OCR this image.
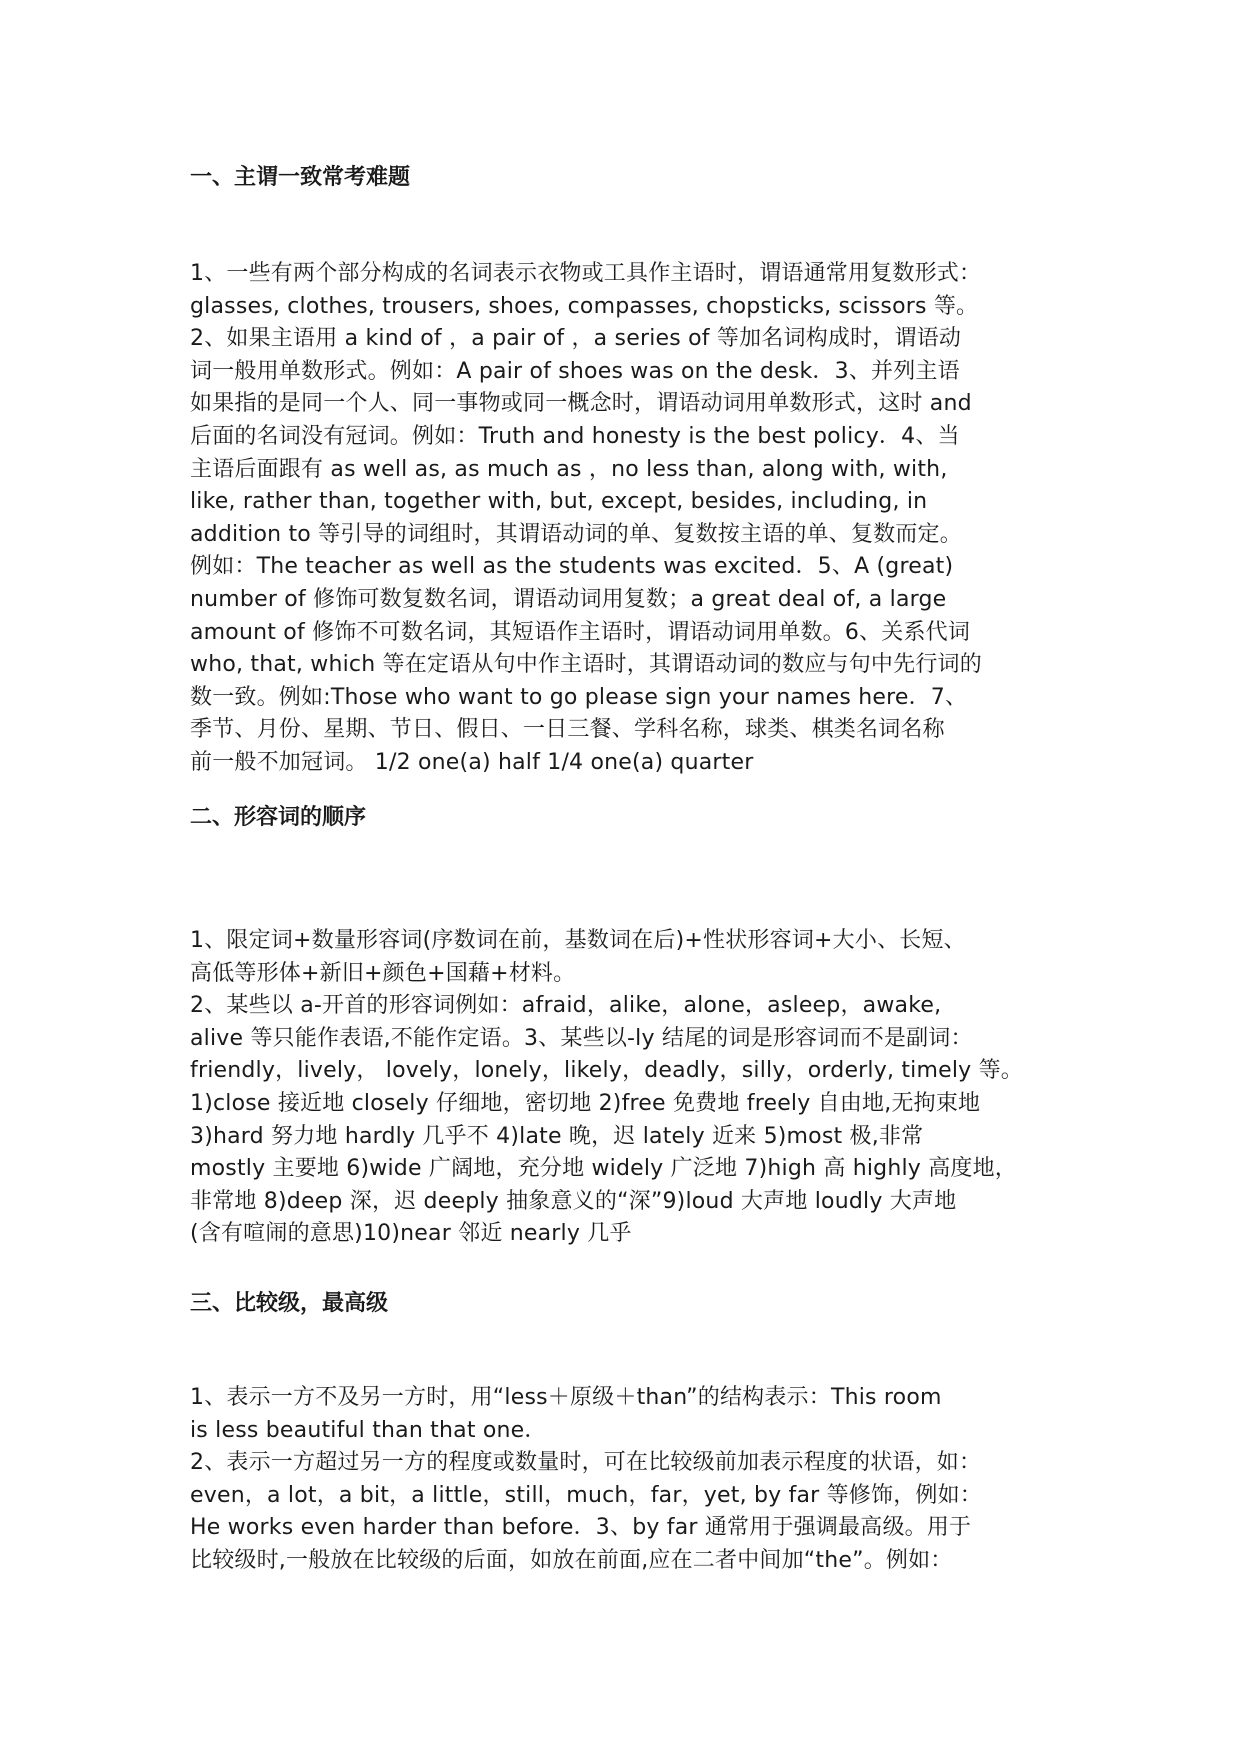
一、主谓一致常考难题

1、一些有两个部分构成的名词表示衣物或工具作主语时，谓语通常用复数形式：

glasses, clothes, trousers, shoes, compasses, chopsticks, scissors 等。

2、如果主语用 a kind of ，a pair of ，a series of 等加名词构成时，谓语动

词一般用单数形式。例如：A pair of shoes was on the desk．3、并列主语

如果指的是同一个人、同一事物或同一概念时，谓语动词用单数形式，这时 and

后面的名词没有冠词。例如：Truth and honesty is the best policy．4、当

主语后面跟有 as well as, as much as ，no less than, along with, with,

like, rather than, together with, but, except, besides, including, in

addition to 等引导的词组时，其谓语动词的单、复数按主语的单、复数而定。

例如：The teacher as well as the students was excited．5、A (great)

number of 修饰可数复数名词，谓语动词用复数；a great deal of, a large

amount of 修饰不可数名词，其短语作主语时，谓语动词用单数。6、关系代词

who, that, which 等在定语从句中作主语时，其谓语动词的数应与句中先行词的

数一致。例如:Those who want to go please sign your names here．7、

季节、月份、星期、节日、假日、一日三餐、学科名称，球类、棋类名词名称

前一般不加冠词。 1/2 one(a) half 1/4 one(a) quarter

二、形容词的顺序

1、限定词+数量形容词(序数词在前，基数词在后)+性状形容词+大小、长短、

高低等形体+新旧+颜色+国藉+材料。

2、某些以 a-开首的形容词例如：afraid，alike，alone，asleep，awake,

alive 等只能作表语,不能作定语。3、某些以-ly 结尾的词是形容词而不是副词：

friendly，lively， lovely，lonely，likely，deadly，silly，orderly, timely 等。

1)close 接近地 closely 仔细地，密切地 2)free 免费地 freely 自由地,无拘束地

3)hard 努力地 hardly 几乎不 4)late 晚，迟 lately 近来 5)most 极,非常

mostly 主要地 6)wide 广阔地，充分地 widely 广泛地 7)high 高 highly 高度地，

非常地 8)deep 深，迟 deeply 抽象意义的“深”9)loud 大声地 loudly 大声地

(含有喧闹的意思)10)near 邻近 nearly 几乎

三、比较级，最高级

1、表示一方不及另一方时，用“less＋原级＋than”的结构表示：This room

is less beautiful than that one．

2、表示一方超过另一方的程度或数量时，可在比较级前加表示程度的状语，如：

even，a lot，a bit，a little，still，much，far，yet, by far 等修饰，例如：

He works even harder than before．3、by far 通常用于强调最高级。用于

比较级时,一般放在比较级的后面，如放在前面,应在二者中间加“the”。例如：
